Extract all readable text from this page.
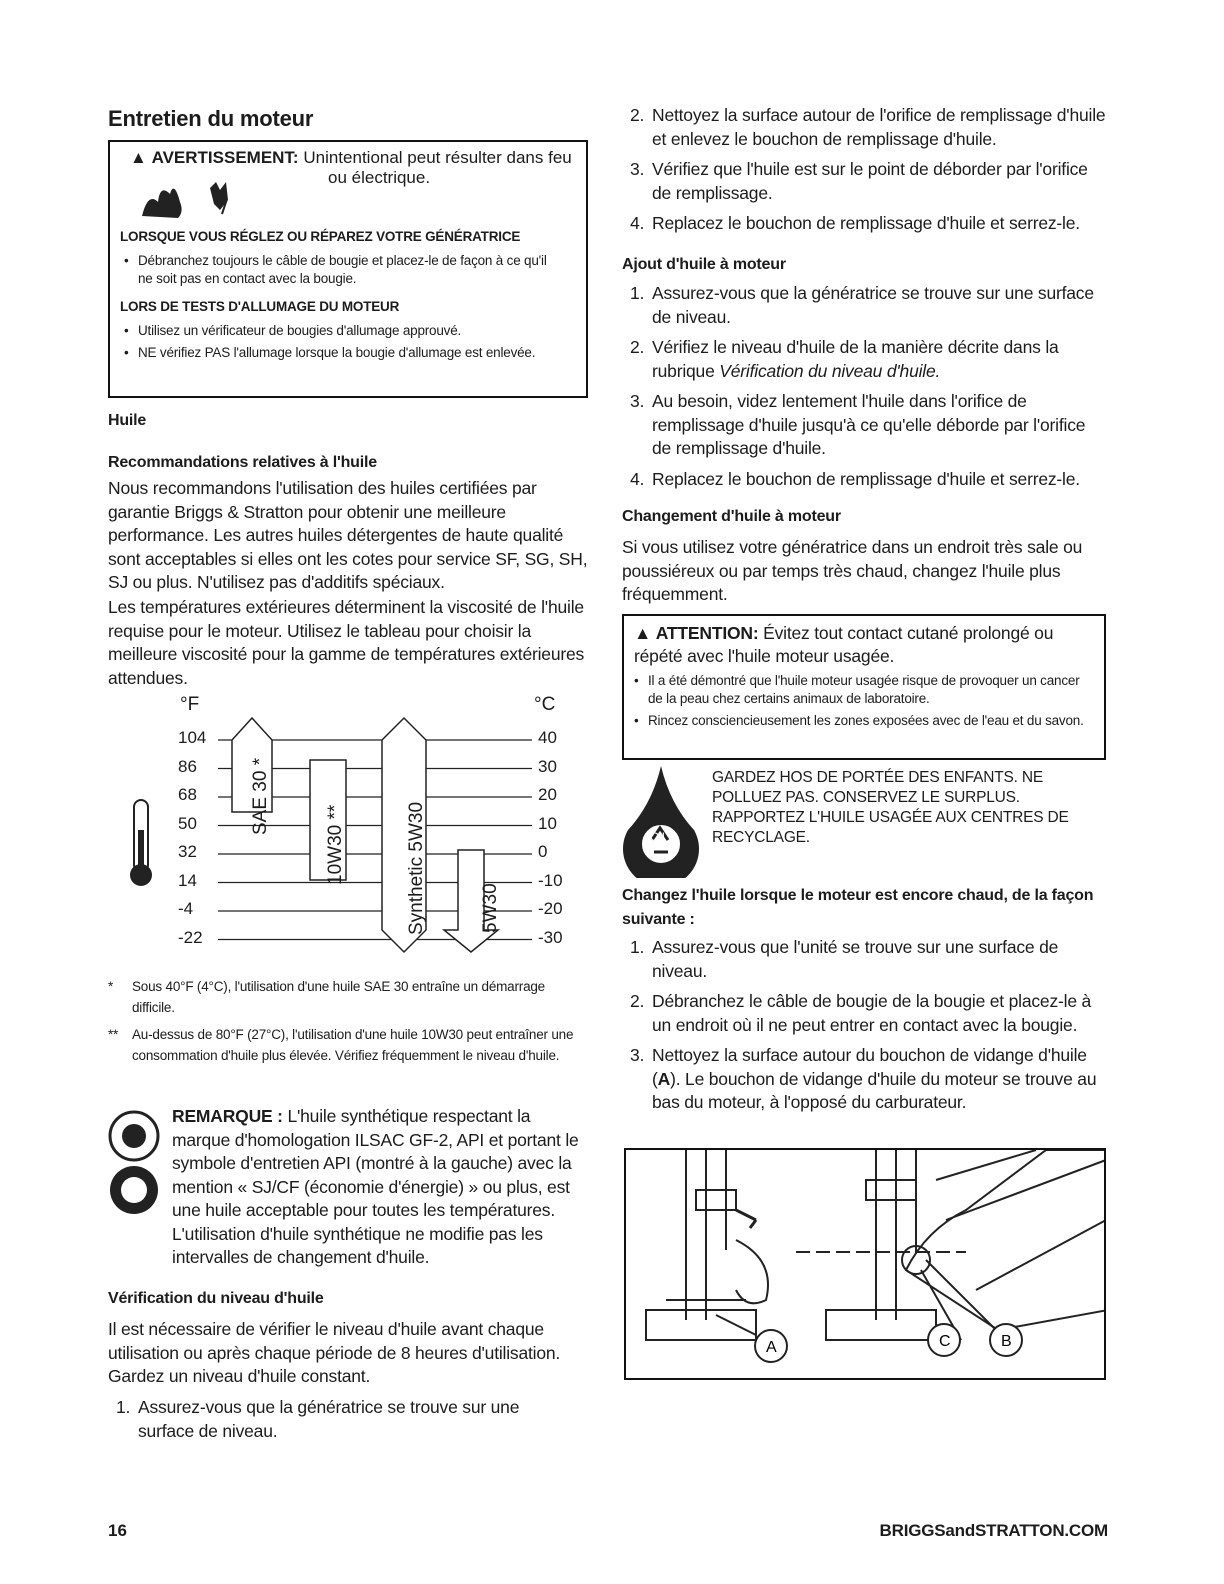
Entretien du moteur
▲ AVERTISSEMENT: Unintentional peut résulter dans feu
ou électrique.
LORSQUE VOUS RÉGLEZ OU RÉPAREZ VOTRE GÉNÉRATRICE
• Débranchez toujours le câble de bougie et placez-le de façon à ce qu'il ne soit pas en contact avec la bougie.
LORS DE TESTS D'ALLUMAGE DU MOTEUR
• Utilisez un vérificateur de bougies d'allumage approuvé.
• NE vérifiez PAS l'allumage lorsque la bougie d'allumage est enlevée.
Huile
Recommandations relatives à l'huile

Nous recommandons l'utilisation des huiles certifiées par garantie Briggs & Stratton pour obtenir une meilleure performance. Les autres huiles détergentes de haute qualité sont acceptables si elles ont les cotes pour service SF, SG, SH, SJ ou plus. N'utilisez pas d'additifs spéciaux.

Les températures extérieures déterminent la viscosité de l'huile requise pour le moteur. Utilisez le tableau pour choisir la meilleure viscosité pour la gamme de températures extérieures attendues.

°F	°C
SAE 30 *
10W30 **	Synthetic 5W30	5W30
104	40
86	30
68	20
50	10
32	0
14	-10
-4	-20
-22	-30
* Sous 40°F (4°C), l'utilisation d'une huile SAE 30 entraîne un démarrage difficile.
** Au-dessus de 80°F (27°C), l'utilisation d'une huile 10W30 peut entraîner une consommation d'huile plus élevée. Vérifiez fréquemment le niveau d'huile.

REMARQUE : L'huile synthétique respectant la marque d'homologation ILSAC GF-2, API et portant le symbole d'entretien API (montré à la gauche) avec la mention « SJ/CF (économie d'énergie) » ou plus, est une huile acceptable pour toutes les températures. L'utilisation d'huile synthétique ne modifie pas les intervalles de changement d'huile.

Vérification du niveau d'huile

Il est nécessaire de vérifier le niveau d'huile avant chaque utilisation ou après chaque période de 8 heures d'utilisation. Gardez un niveau d'huile constant.

1. Assurez-vous que la génératrice se trouve sur une surface de niveau.
2. Nettoyez la surface autour de l'orifice de remplissage d'huile et enlevez le bouchon de remplissage d'huile.
3. Vérifiez que l'huile est sur le point de déborder par l'orifice de remplissage.
4. Replacez le bouchon de remplissage d'huile et serrez-le.
Ajout d'huile à moteur
1. Assurez-vous que la génératrice se trouve sur une surface de niveau.
2. Vérifiez le niveau d'huile de la manière décrite dans la rubrique Vérification du niveau d'huile.
3. Au besoin, videz lentement l'huile dans l'orifice de remplissage d'huile jusqu'à ce qu'elle déborde par l'orifice de remplissage d'huile.
4. Replacez le bouchon de remplissage d'huile et serrez-le.
Changement d'huile à moteur

Si vous utilisez votre génératrice dans un endroit très sale ou poussiéreux ou par temps très chaud, changez l'huile plus fréquemment.

▲ ATTENTION: Évitez tout contact cutané prolongé ou répété avec l'huile moteur usagée.
• Il a été démontré que l'huile moteur usagée risque de provoquer un cancer de la peau chez certains animaux de laboratoire.
• Rincez consciencieusement les zones exposées avec de l'eau et du savon.
Oil

GARDEZ HOS DE PORTÉE DES ENFANTS. NE POLLUEZ PAS. CONSERVEZ LE SURPLUS. RAPPORTEZ L'HUILE USAGÉE AUX CENTRES DE RECYCLAGE.

Changez l'huile lorsque le moteur est encore chaud, de la façon suivante :
1. Assurez-vous que l'unité se trouve sur une surface de niveau.
2. Débranchez le câble de bougie de la bougie et placez-le à un endroit où il ne peut entrer en contact avec la bougie.
3. Nettoyez la surface autour du bouchon de vidange d'huile (A). Le bouchon de vidange d'huile du moteur se trouve au bas du moteur, à l'opposé du carburateur.
A	C	B
16	BRIGGSandSTRATTON.COM
